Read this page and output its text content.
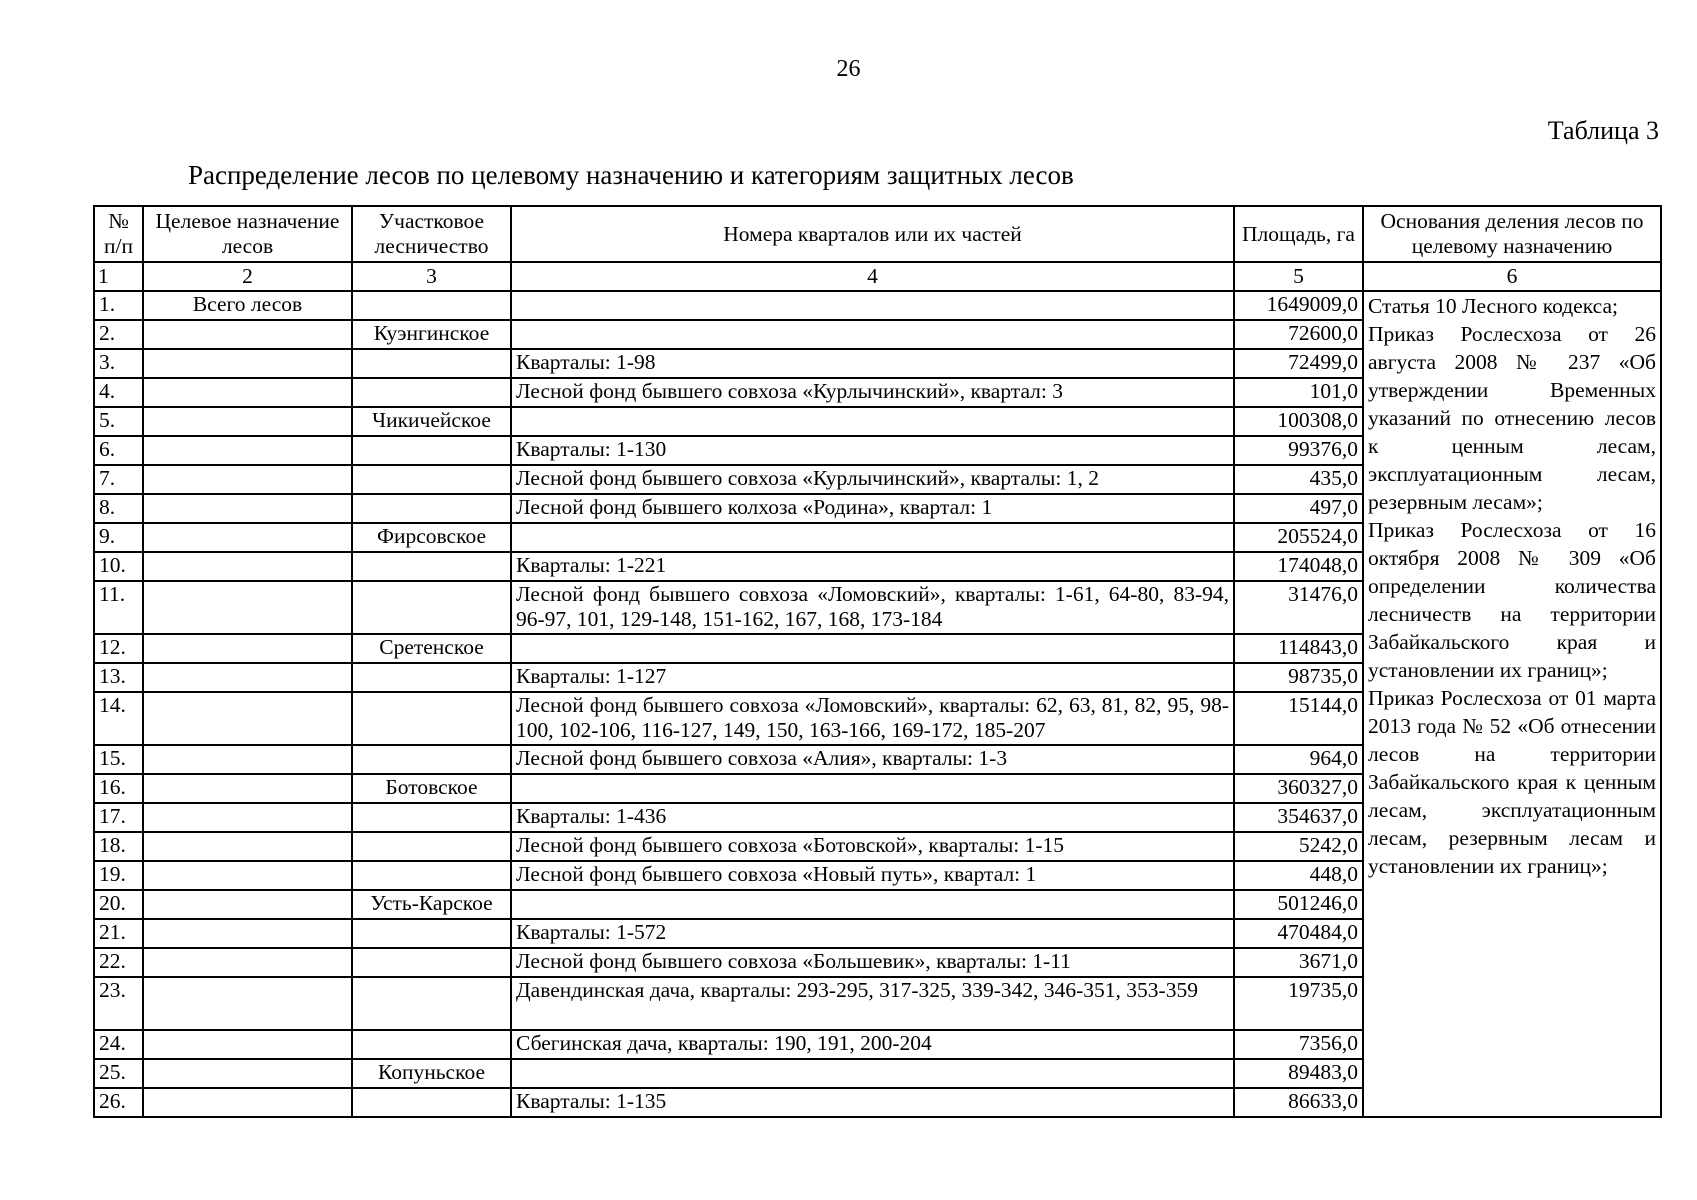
26
Таблица 3
Распределение лесов по целевому назначению и категориям защитных лесов
№ п/п	Целевое назначение лесов	Участковое лесничество	Номера кварталов или их частей	Площадь, га	Основания деления лесов по целевому назначению
1	2	3	4	5	6
1.	Всего лесов			1649009,0	Статья 10 Лесного кодекса;

Приказ Рослесхоза от 26 августа 2008 № 237 «Об утверждении Временных указаний по отнесению лесов к ценным лесам, эксплуатационным лесам, резервным лесам»;

Приказ Рослесхоза от 16 октября 2008 № 309 «Об определении количества лесничеств на территории Забайкальского края и установлении их границ»;

Приказ Рослесхоза от 01 марта 2013 года № 52 «Об отнесении лесов на территории Забайкальского края к ценным лесам, эксплуатационным лесам, резервным лесам и установлении их границ»;

2.		Куэнгинское		72600,0	
3.			Кварталы: 1-98	72499,0	
4.			Лесной фонд бывшего совхоза «Курлычинский», квартал: 3	101,0	
5.		Чикичейское		100308,0	
6.			Кварталы: 1-130	99376,0	
7.			Лесной фонд бывшего совхоза «Курлычинский», кварталы: 1, 2	435,0	
8.			Лесной фонд бывшего колхоза «Родина», квартал: 1	497,0	
9.		Фирсовское		205524,0	
10.			Кварталы: 1-221	174048,0	
11.			Лесной фонд бывшего совхоза «Ломовский», кварталы: 1-61, 64-80, 83-94, 96-97, 101, 129-148, 151-162, 167, 168, 173-184	31476,0	
12.		Сретенское		114843,0	
13.			Кварталы: 1-127	98735,0	
14.			Лесной фонд бывшего совхоза «Ломовский», кварталы: 62, 63, 81, 82, 95, 98-100, 102-106, 116-127, 149, 150, 163-166, 169-172, 185-207	15144,0	
15.			Лесной фонд бывшего совхоза «Алия», кварталы: 1-3	964,0	
16.		Ботовское		360327,0	
17.			Кварталы: 1-436	354637,0	
18.			Лесной фонд бывшего совхоза «Ботовской», кварталы: 1-15	5242,0	
19.			Лесной фонд бывшего совхоза «Новый путь», квартал: 1	448,0	
20.		Усть-Карское		501246,0	
21.			Кварталы: 1-572	470484,0	
22.			Лесной фонд бывшего совхоза «Большевик», кварталы: 1-11	3671,0	
23.			Давендинская дача, кварталы: 293-295, 317-325, 339-342, 346-351, 353-359	19735,0	
24.			Сбегинская дача, кварталы: 190, 191, 200-204	7356,0	
25.		Копуньское		89483,0	
26.			Кварталы: 1-135	86633,0	
